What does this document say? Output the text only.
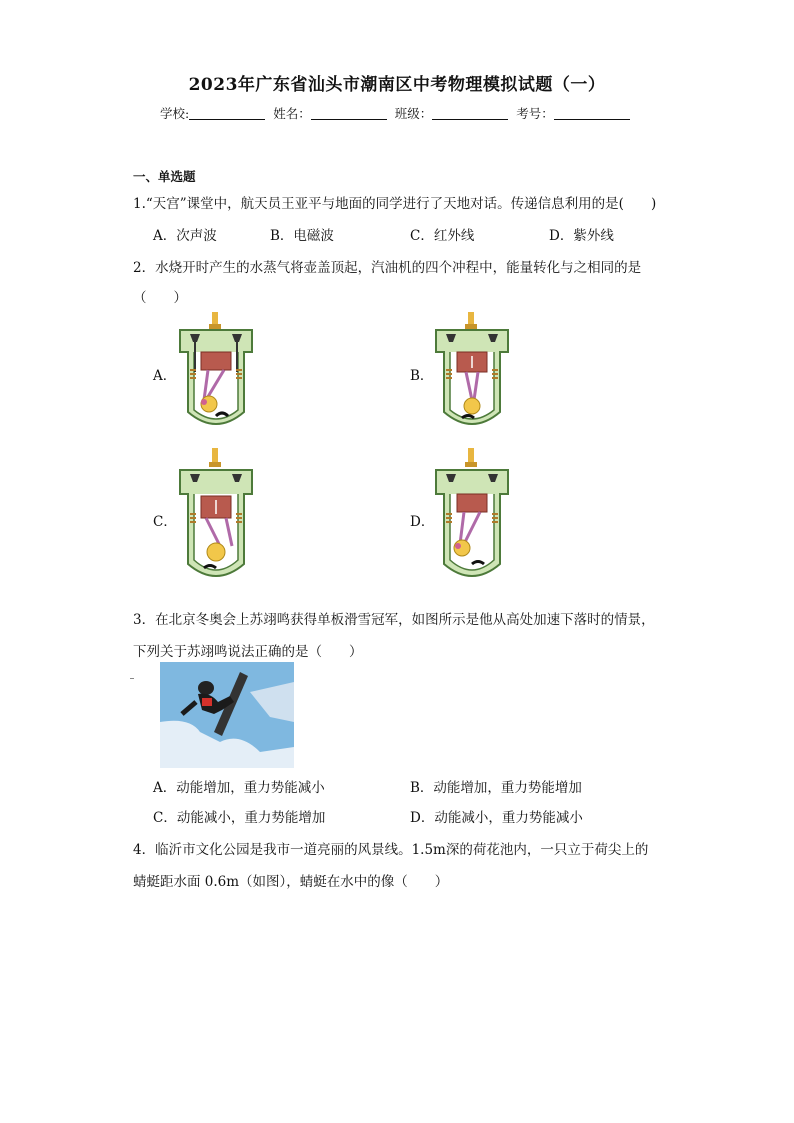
2023年广东省汕头市潮南区中考物理模拟试题（一）
学校:	姓名：	班级：	考号：
一、单选题
1.“天宫”课堂中，航天员王亚平与地面的同学进行了天地对话。传递信息利用的是(　　)
A．次声波	B．电磁波	C．红外线	D．紫外线
2．水烧开时产生的水蒸气将壶盖顶起，汽油机的四个冲程中，能量转化与之相同的是
（　　）
A．	B．
C．	D．
3．在北京冬奥会上苏翊鸣获得单板滑雪冠军，如图所示是他从高处加速下落时的情景，
下列关于苏翊鸣说法正确的是（　　）
A．动能增加，重力势能减小	B．动能增加，重力势能增加
C．动能减小，重力势能增加	D．动能减小，重力势能减小
4．临沂市文化公园是我市一道亮丽的风景线。1.5m深的荷花池内，一只立于荷尖上的
蜻蜓距水面 0.6m（如图），蜻蜓在水中的像（　　）
